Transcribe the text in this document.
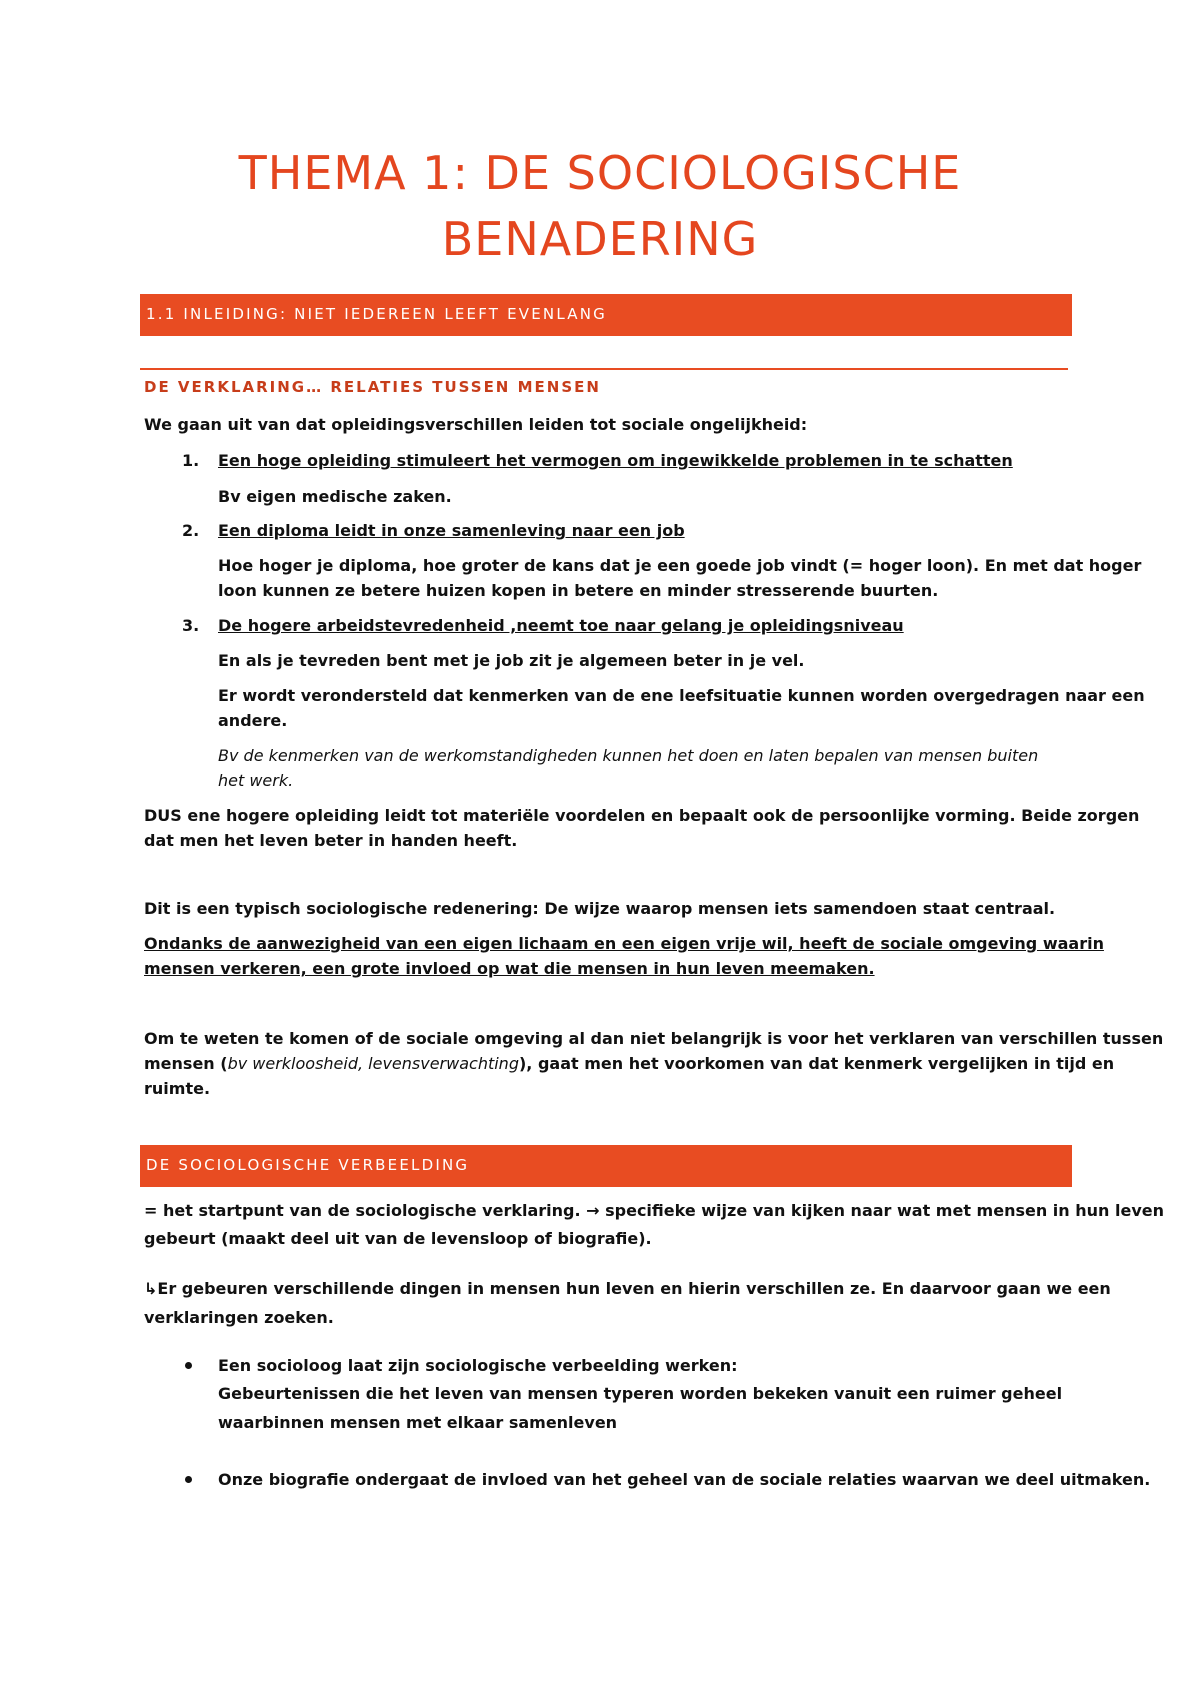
THEMA 1: DE SOCIOLOGISCHE
BENADERING
1.1 INLEIDING: NIET IEDEREEN LEEFT EVENLANG
DE VERKLARING… RELATIES TUSSEN MENSEN
We gaan uit van dat opleidingsverschillen leiden tot sociale ongelijkheid:
1. Een hoge opleiding stimuleert het vermogen om ingewikkelde problemen in te schatten
Bv eigen medische zaken.
2. Een diploma leidt in onze samenleving naar een job
Hoe hoger je diploma, hoe groter de kans dat je een goede job vindt (= hoger loon). En met dat hoger
loon kunnen ze betere huizen kopen in betere en minder stresserende buurten.
3. De hogere arbeidstevredenheid ,neemt toe naar gelang je opleidingsniveau
En als je tevreden bent met je job zit je algemeen beter in je vel.
Er wordt verondersteld dat kenmerken van de ene leefsituatie kunnen worden overgedragen naar een
andere.
Bv de kenmerken van de werkomstandigheden kunnen het doen en laten bepalen van mensen buiten
het werk.
DUS ene hogere opleiding leidt tot materiële voordelen en bepaalt ook de persoonlijke vorming. Beide zorgen
dat men het leven beter in handen heeft.
Dit is een typisch sociologische redenering: De wijze waarop mensen iets samendoen staat centraal.
Ondanks de aanwezigheid van een eigen lichaam en een eigen vrije wil, heeft de sociale omgeving waarin
mensen verkeren, een grote invloed op wat die mensen in hun leven meemaken.
Om te weten te komen of de sociale omgeving al dan niet belangrijk is voor het verklaren van verschillen tussen
mensen (bv werkloosheid, levensverwachting), gaat men het voorkomen van dat kenmerk vergelijken in tijd en
ruimte.
DE SOCIOLOGISCHE VERBEELDING
= het startpunt van de sociologische verklaring. → specifieke wijze van kijken naar wat met mensen in hun leven
gebeurt (maakt deel uit van de levensloop of biografie).
↳Er gebeuren verschillende dingen in mensen hun leven en hierin verschillen ze. En daarvoor gaan we een
verklaringen zoeken.
Een socioloog laat zijn sociologische verbeelding werken:
Gebeurtenissen die het leven van mensen typeren worden bekeken vanuit een ruimer geheel
waarbinnen mensen met elkaar samenleven
Onze biografie ondergaat de invloed van het geheel van de sociale relaties waarvan we deel uitmaken.
